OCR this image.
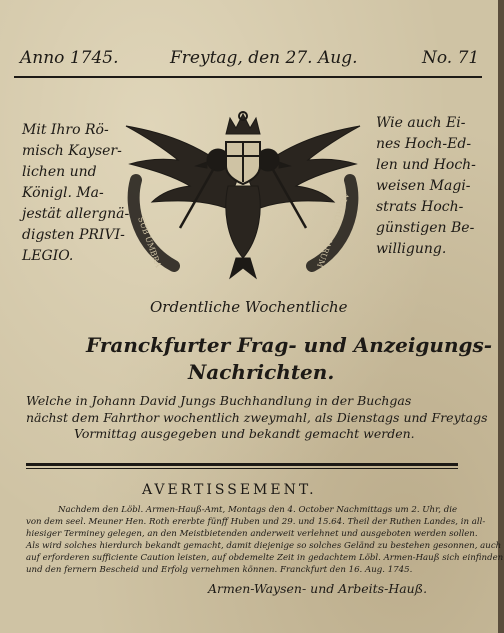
Anno 1745.	Freytag, den 27. Aug.	No. 71
Mit Ihro Rö-
misch Kayser-
lichen und
Königl. Ma-
jestät allergnä-
digsten PRIVI-
LEGIO.
Wie auch Ei-
nes Hoch-Ed-
len und Hoch-
weisen Magi-
strats Hoch-
günstigen Be-
willigung.
SUB UMBRA	ALARUM TUARUM
Ordentliche Wochentliche
Franckfurter Frag- und Anzeigungs-
Nachrichten.
Welche in Johann David Jungs Buchhandlung in der Buchgas
nächst dem Fahrthor wochentlich zweymahl, als Dienstags und Freytags
Vormittag ausgegeben und bekandt gemacht werden.
AVERTISSEMENT.
Nachdem den Löbl. Armen-Hauß-Amt, Montags den 4. October Nachmittags um 2. Uhr, die
von dem seel. Meuner Hen. Roth ererbte fünff Huben und 29. und 15.64. Theil der Ruthen Landes, in all-
hiesiger Terminey gelegen, an den Meistbietenden anderweit verlehnet und ausgeboten werden sollen.
Als wird solches hierdurch bekandt gemacht, damit diejenige so solches Geländ zu bestehen gesonnen, auch
auf erforderen sufficiente Caution leisten, auf obdemelte Zeit in gedachtem Löbl. Armen-Hauß sich einfinden
und den fernern Bescheid und Erfolg vernehmen können. Franckfurt den 16. Aug. 1745.
Armen-Waysen- und Arbeits-Hauß.
